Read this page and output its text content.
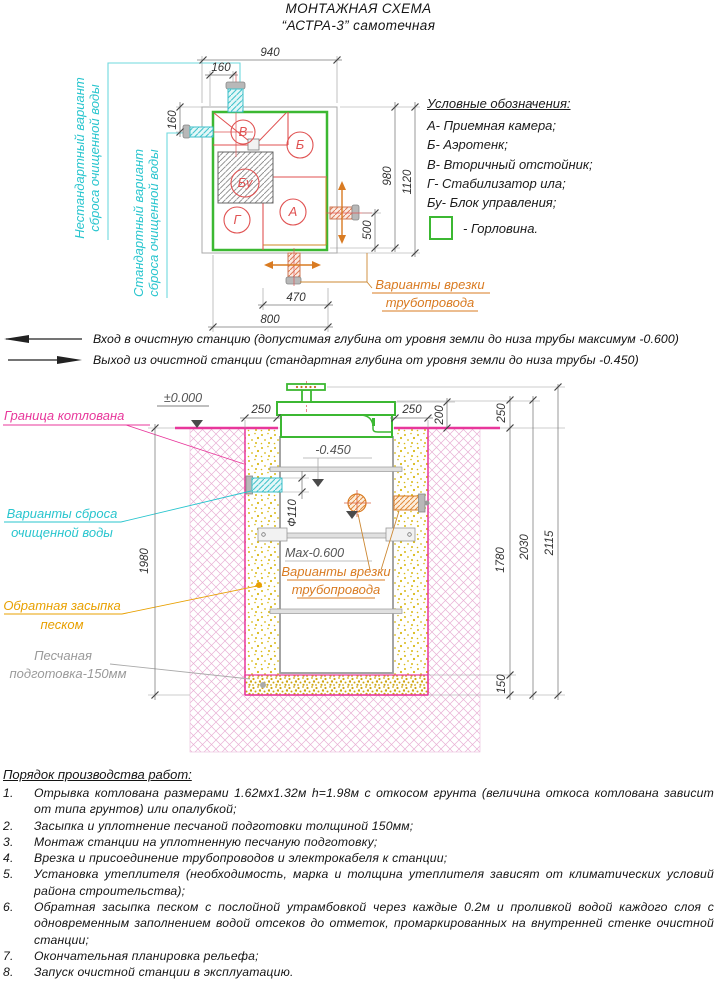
МОНТАЖНАЯ СХЕМА
“АСТРА-3” самотечная
В
Б
Бу
Г
А
940
160
160
500
980 1120
470
800
Нестандартный вариант сброса очищенной воды Стандартный вариант сброса очищенной воды	Варианты врезки
трубопровода
Условные обозначения:
А- Приемная камера;
Б- Аэротенк;
В- Вторичный отстойник;
Г- Стабилизатор ила;
Бу- Блок управления;
- Горловина.
Вход в очистную станцию (допустимая глубина от уровня земли до низа трубы максимум -0.600)
Выход из очистной станции (стандартная глубина от уровня земли до низа трубы -0.450)
±0.000
-0.450
Max-0.600
Ф110
Варианты врезки
трубопровода
Граница котлована
Варианты сброса
очищенной воды
Обратная засыпка
песком
Песчаная
подготовка-150мм
250	250 200	250
1980	1780
2030 2115
150
Порядок производства работ:
1.	Отрывка котлована размерами 1.62мх1.32м h=1.98м с откосом грунта (величина откоса котлована зависит от типа грунтов) или опалубкой;
2.	Засыпка и уплотнение песчаной подготовки толщиной 150мм;
3.	Монтаж станции на уплотненную песчаную подготовку;
4.	Врезка и присоединение трубопроводов и электрокабеля к станции;
5.	Установка утеплителя (необходимость, марка и толщина утеплителя зависят от климатических условий района строительства);
6.	Обратная засыпка песком с послойной утрамбовкой через каждые 0.2м и проливкой водой каждого слоя с одновременным заполнением водой отсеков до отметок, промаркированных на внутренней стенке очистной станции;
7.	Окончательная планировка рельефа;
8.	Запуск очистной станции в эксплуатацию.
